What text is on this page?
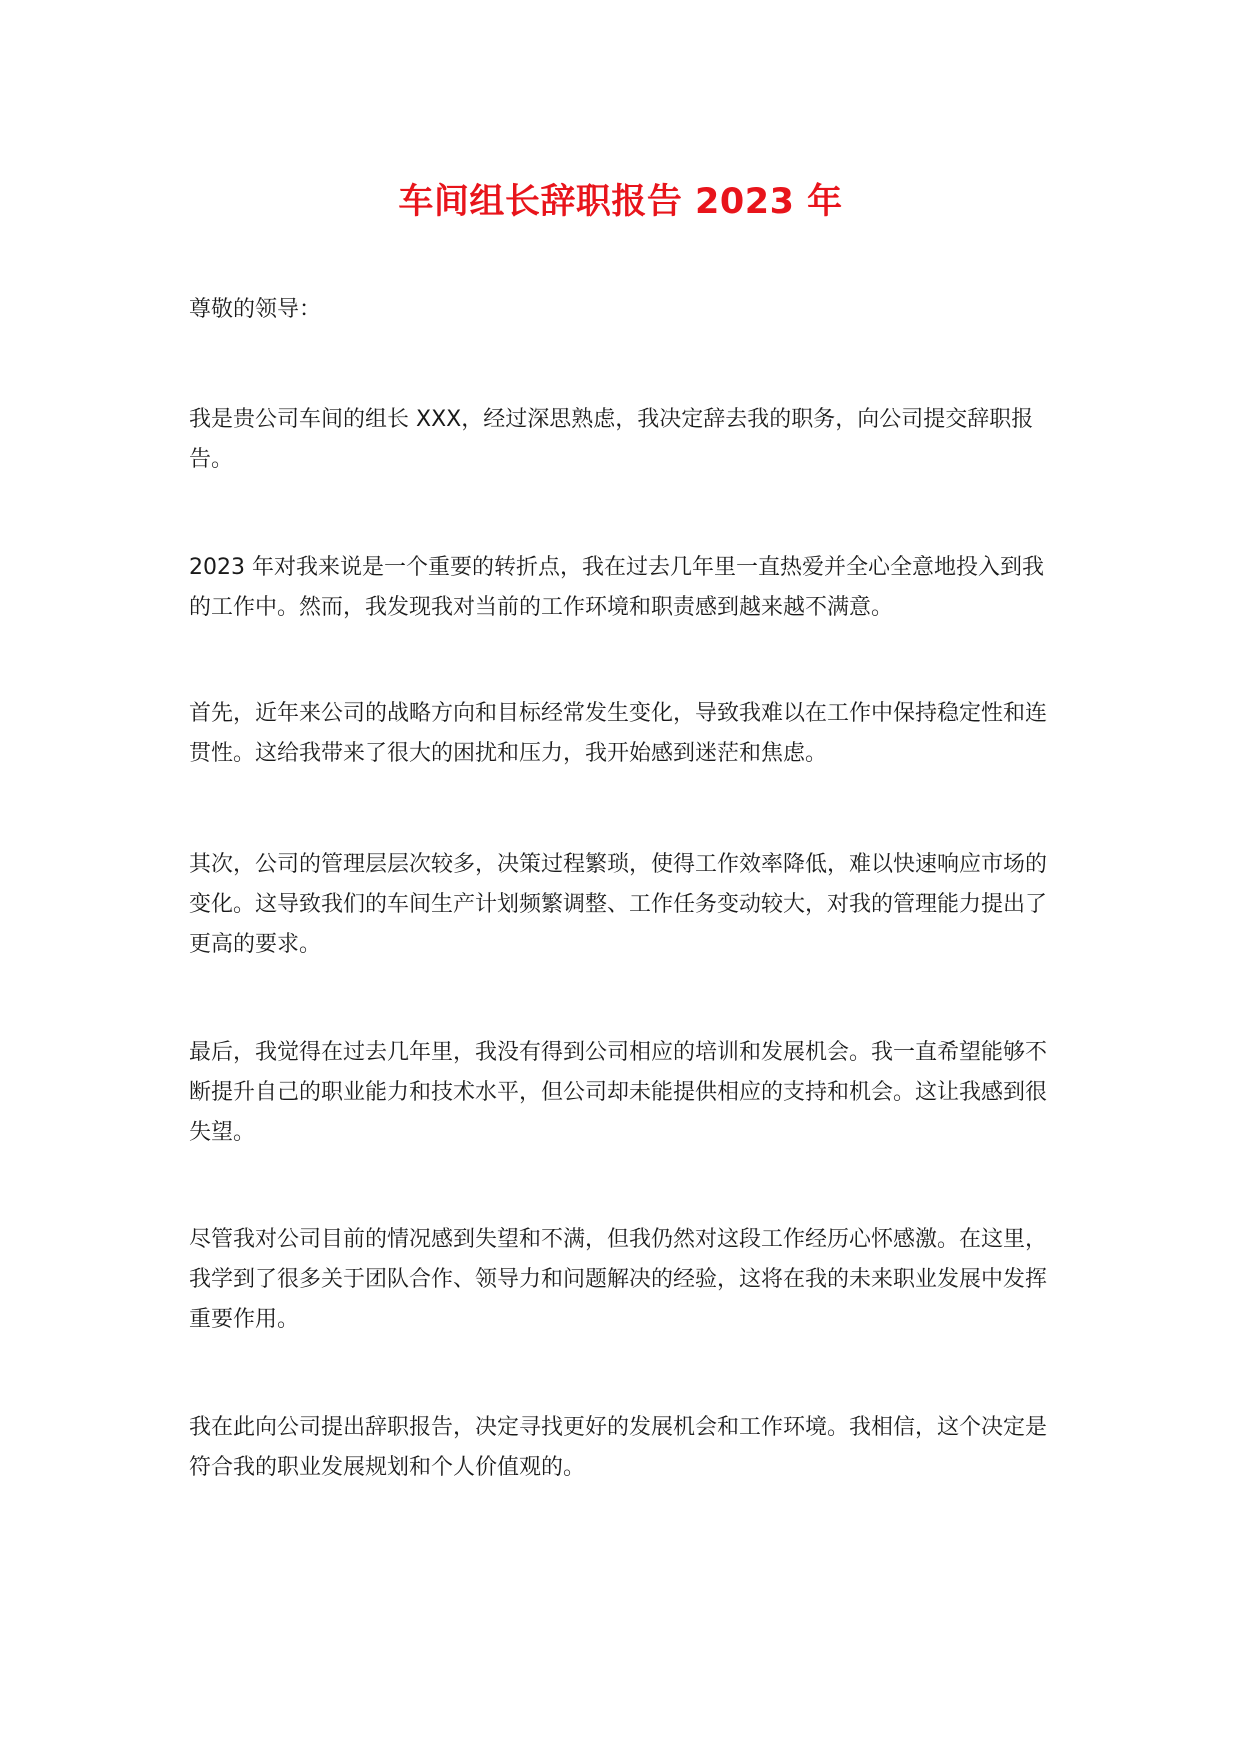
车间组长辞职报告 2023 年

尊敬的领导：

我是贵公司车间的组长 XXX，经过深思熟虑，我决定辞去我的职务，向公司提交辞职报告。

2023 年对我来说是一个重要的转折点，我在过去几年里一直热爱并全心全意地投入到我的工作中。然而，我发现我对当前的工作环境和职责感到越来越不满意。

首先，近年来公司的战略方向和目标经常发生变化，导致我难以在工作中保持稳定性和连贯性。这给我带来了很大的困扰和压力，我开始感到迷茫和焦虑。

其次，公司的管理层层次较多，决策过程繁琐，使得工作效率降低，难以快速响应市场的变化。这导致我们的车间生产计划频繁调整、工作任务变动较大，对我的管理能力提出了更高的要求。

最后，我觉得在过去几年里，我没有得到公司相应的培训和发展机会。我一直希望能够不断提升自己的职业能力和技术水平，但公司却未能提供相应的支持和机会。这让我感到很失望。

尽管我对公司目前的情况感到失望和不满，但我仍然对这段工作经历心怀感激。在这里，我学到了很多关于团队合作、领导力和问题解决的经验，这将在我的未来职业发展中发挥重要作用。

我在此向公司提出辞职报告，决定寻找更好的发展机会和工作环境。我相信，这个决定是符合我的职业发展规划和个人价值观的。
